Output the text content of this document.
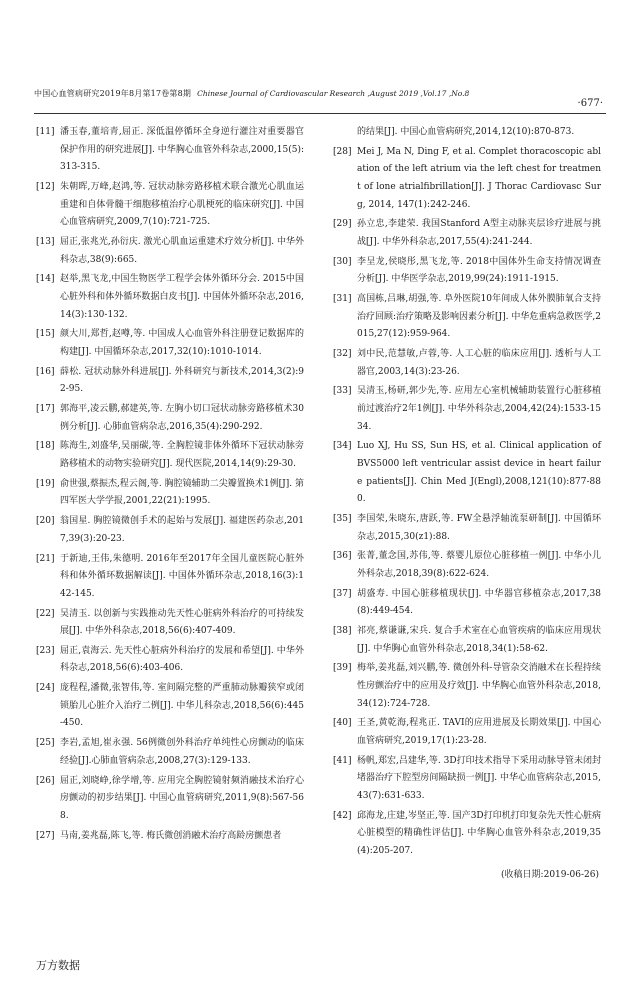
中国心血管病研究2019年8月第17卷第8期 Chinese Journal of Cardiovascular Research ,August 2019 ,Vol.17 ,No.8
·677·
[11] 潘玉春,董培青,屈正. 深低温停循环全身逆行灌注对重要器官保护作用的研究进展[J]. 中华胸心血管外科杂志,2000,15(5):313-315.
[12] 朱朝晖,万峰,赵鸿,等. 冠状动脉旁路移植术联合激光心肌血运重建和自体骨髓干细胞移植治疗心肌梗死的临床研究[J]. 中国心血管病研究,2009,7(10):721-725.
[13] 屈正,张兆光,孙衍庆. 激光心肌血运重建术疗效分析[J]. 中华外科杂志,38(9):665.
[14] 赵举,黑飞龙,中国生物医学工程学会体外循环分会. 2015中国心脏外科和体外循环数据白皮书[J]. 中国体外循环杂志,2016,14(3):130-132.
[15] 颜大川,郑哲,赵噂,等. 中国成人心血管外科注册登记数据库的构建[J]. 中国循环杂志,2017,32(10):1010-1014.
[16] 薛松. 冠状动脉外科进展[J]. 外科研究与新技术,2014,3(2):92-95.
[17] 郭海平,凌云鹏,郝建英,等. 左胸小切口冠状动脉旁路移植术30例分析[J]. 心肺血管病杂志,2016,35(4):290-292.
[18] 陈海生,刘盛华,吴丽碳,等. 全胸腔镜非体外循环下冠状动脉旁路移植术的动物实验研究[J]. 现代医院,2014,14(9):29-30.
[19] 俞世强,蔡振杰,程云阁,等. 胸腔镜辅助二尖瓣置换术1例[J]. 第四军医大学学报,2001,22(21):1995.
[20] 翁国星. 胸腔镜微创手术的起始与发展[J]. 福建医药杂志,2017,39(3):20-23.
[21] 于新迪,王伟,朱德明. 2016年至2017年全国儿童医院心脏外科和体外循环数据解读[J]. 中国体外循环杂志,2018,16(3):142-145.
[22] 吴清玉. 以创新与实践推动先天性心脏病外科治疗的可持续发展[J]. 中华外科杂志,2018,56(6):407-409.
[23] 屈正,袁海云. 先天性心脏病外科治疗的发展和希望[J]. 中华外科杂志,2018,56(6):403-406.
[24] 庞程程,潘微,张智伟,等. 室间隔完整的严重肺动脉瓣狭窄或闭锁胎儿心脏介入治疗二例[J]. 中华儿科杂志,2018,56(6):445-450.
[25] 李岩,孟旭,崔永强. 56例微创外科治疗单纯性心房颤动的临床经验[J].心肺血管病杂志,2008,27(3):129-133.
[26] 屈正,刘晓峥,徐学增,等. 应用完全胸腔镜射频消融技术治疗心房颤动的初步结果[J]. 中国心血管病研究,2011,9(8):567-568.
[27] 马南,姜兆磊,陈飞,等. 梅氏微创消融术治疗高龄房颤患者
的结果[J]. 中国心血管病研究,2014,12(10):870-873.
[28] Mei J, Ma N, Ding F, et al. Complet thoracoscopic ablation of the left atrium via the left chest for treatment of lone atrialfibrillation[J]. J Thorac Cardiovasc Surg, 2014, 147(1):242-246.
[29] 孙立忠,李建荣. 我国Stanford A型主动脉夹层诊疗进展与挑战[J]. 中华外科杂志,2017,55(4):241-244.
[30] 李呈龙,侯晓彤,黑飞龙,等. 2018中国体外生命支持情况调查分析[J]. 中华医学杂志,2019,99(24):1911-1915.
[31] 高国栋,吕琳,胡强,等. 阜外医院10年间成人体外膜肺氧合支持治疗回顾:治疗策略及影响因素分析[J]. 中华危重病急救医学,2015,27(12):959-964.
[32] 刘中民,范慧敏,卢蓉,等. 人工心脏的临床应用[J]. 透析与人工器官,2003,14(3):23-26.
[33] 吴清玉,杨研,郭少先,等. 应用左心室机械辅助装置行心脏移植前过渡治疗2年1例[J]. 中华外科杂志,2004,42(24):1533-1534.
[34] Luo XJ, Hu SS, Sun HS, et al. Clinical application of BVS5000 left ventricular assist device in heart failure patients[J]. Chin Med J(Engl),2008,121(10):877-880.
[35] 李国荣,朱晓东,唐跃,等. FW全悬浮轴流泵研制[J]. 中国循环杂志,2015,30(z1):88.
[36] 张菁,董念国,苏伟,等. 蔡婴儿原位心脏移植一例[J]. 中华小儿外科杂志,2018,39(8):622-624.
[37] 胡盛寿. 中国心脏移植现状[J]. 中华器官移植杂志,2017,38(8):449-454.
[38] 祁亮,蔡谦谦,宋兵. 复合手术室在心血管疾病的临床应用现状[J]. 中华胸心血管外科杂志,2018,34(1):58-62.
[39] 梅举,姜兆磊,刘兴鹏,等. 微创外科-导管杂交消融术在长程持续性房颤治疗中的应用及疗效[J]. 中华胸心血管外科杂志,2018,34(12):724-728.
[40] 王圣,黄乾海,程兆正. TAVI的应用进展及长期效果[J]. 中国心血管病研究,2019,17(1):23-28.
[41] 杨帆,郑宏,吕建华,等. 3D打印技术指导下采用动脉导管未闭封堵器治疗下腔型房间隔缺损一例[J]. 中华心血管病杂志,2015,43(7):631-633.
[42] 邱海龙,庄建,岑坚正,等. 国产3D打印机打印复杂先天性心脏病心脏模型的精确性评估[J]. 中华胸心血管外科杂志,2019,35(4):205-207.
(收稿日期:2019-06-26)
万方数据
